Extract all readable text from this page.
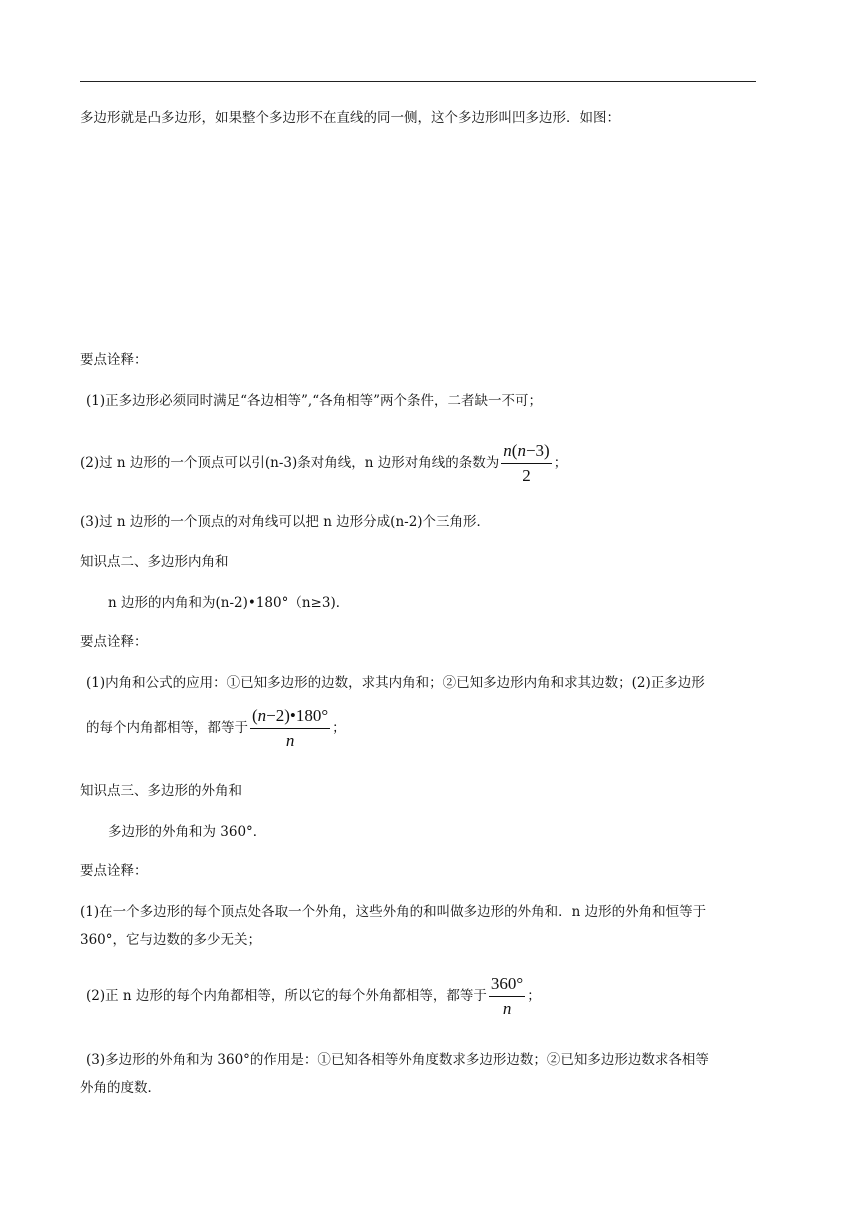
多边形就是凸多边形，如果整个多边形不在直线的同一侧，这个多边形叫凹多边形．如图：
要点诠释：
(1)正多边形必须同时满足“各边相等”,“各角相等”两个条件，二者缺一不可；
(2)过 n 边形的一个顶点可以引(n-3)条对角线，n 边形对角线的条数为 $\frac{n(n-3)}{2}$ ；
(3)过 n 边形的一个顶点的对角线可以把 n 边形分成(n-2)个三角形．
知识点二、多边形内角和
n 边形的内角和为(n-2)•180°（n≥3)．
要点诠释：
(1)内角和公式的应用：①已知多边形的边数，求其内角和；②已知多边形内角和求其边数；(2)正多边形
的每个内角都相等，都等于 $\frac{(n-2)•180^\circ}{n}$ ；
知识点三、多边形的外角和
多边形的外角和为 360°．
要点诠释：
(1)在一个多边形的每个顶点处各取一个外角，这些外角的和叫做多边形的外角和．n 边形的外角和恒等于
360°，它与边数的多少无关；
(2)正 n 边形的每个内角都相等，所以它的每个外角都相等，都等于 $\frac{360^\circ}{n}$ ；
(3)多边形的外角和为 360°的作用是：①已知各相等外角度数求多边形边数；②已知多边形边数求各相等
外角的度数．
